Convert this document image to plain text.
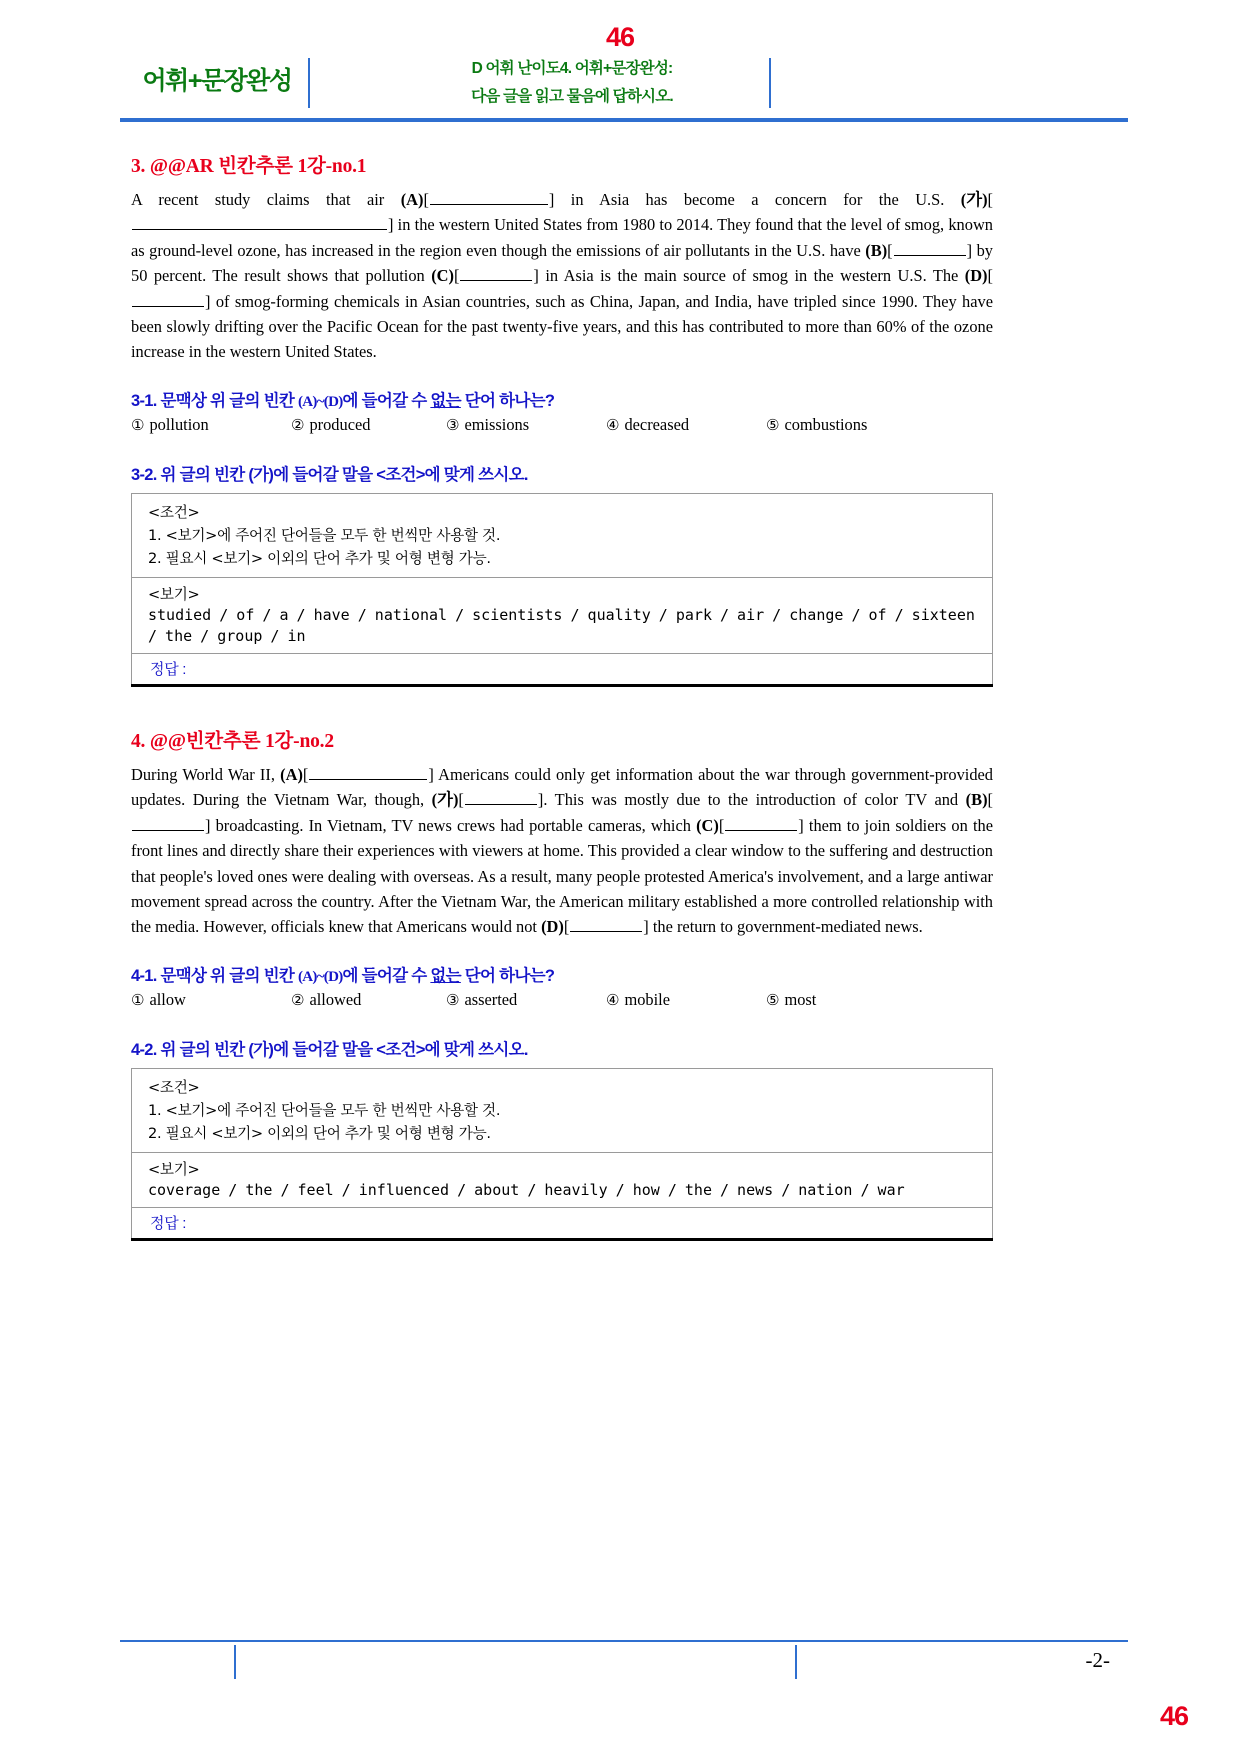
46
어휘+문장완성	D 어휘 난이도4. 어휘+문장완성:
다음 글을 읽고 물음에 답하시오.
3. @@AR 빈칸추론 1강-no.1

A recent study claims that air (A)[	] in Asia has become a concern for the U.S. (가)[] in the western United States from 1980 to 2014. They found that the level of smog, known as ground-level ozone, has increased in the region even though the emissions of air pollutants in the U.S. have (B)[	] by 50 percent. The result shows that pollution (C)[	] in Asia is the main source of smog in the western U.S. The (D)[] of smog-forming chemicals in Asian countries, such as China, Japan, and India, have tripled since 1990. They have been slowly drifting over the Pacific Ocean for the past twenty-five years, and this has contributed to more than 60% of the ozone increase in the western United States.

3-1. 문맥상 위 글의 빈칸 (A)~(D)에 들어갈 수 없는 단어 하나는?
① pollution	② produced	③ emissions	④ decreased	⑤ combustions
3-2. 위 글의 빈칸 (가)에 들어갈 말을 <조건>에 맞게 쓰시오.
<조건>
1. <보기>에 주어진 단어들을 모두 한 번씩만 사용할 것.
2. 필요시 <보기> 이외의 단어 추가 및 어형 변형 가능.
<보기>
studied / of / a / have / national / scientists / quality / park / air / change / of / sixteen / the / group / in
정답 :
4. @@빈칸추론 1강-no.2

During World War II, (A)[	] Americans could only get information about the war through government-provided updates. During the Vietnam War, though, (가)[	]. This was mostly due to the introduction of color TV and (B)[] broadcasting. In Vietnam, TV news crews had portable cameras, which (C)[	] them to join soldiers on the front lines and directly share their experiences with viewers at home. This provided a clear window to the suffering and destruction that people's loved ones were dealing with overseas. As a result, many people protested America's involvement, and a large antiwar movement spread across the country. After the Vietnam War, the American military established a more controlled relationship with the media. However, officials knew that Americans would not (D)[	] the return to government-mediated news.

4-1. 문맥상 위 글의 빈칸 (A)~(D)에 들어갈 수 없는 단어 하나는?
① allow	② allowed	③ asserted	④ mobile	⑤ most
4-2. 위 글의 빈칸 (가)에 들어갈 말을 <조건>에 맞게 쓰시오.
<조건>
1. <보기>에 주어진 단어들을 모두 한 번씩만 사용할 것.
2. 필요시 <보기> 이외의 단어 추가 및 어형 변형 가능.
<보기>
coverage / the / feel / influenced / about / heavily / how / the / news / nation / war
정답 :
-2-
46
